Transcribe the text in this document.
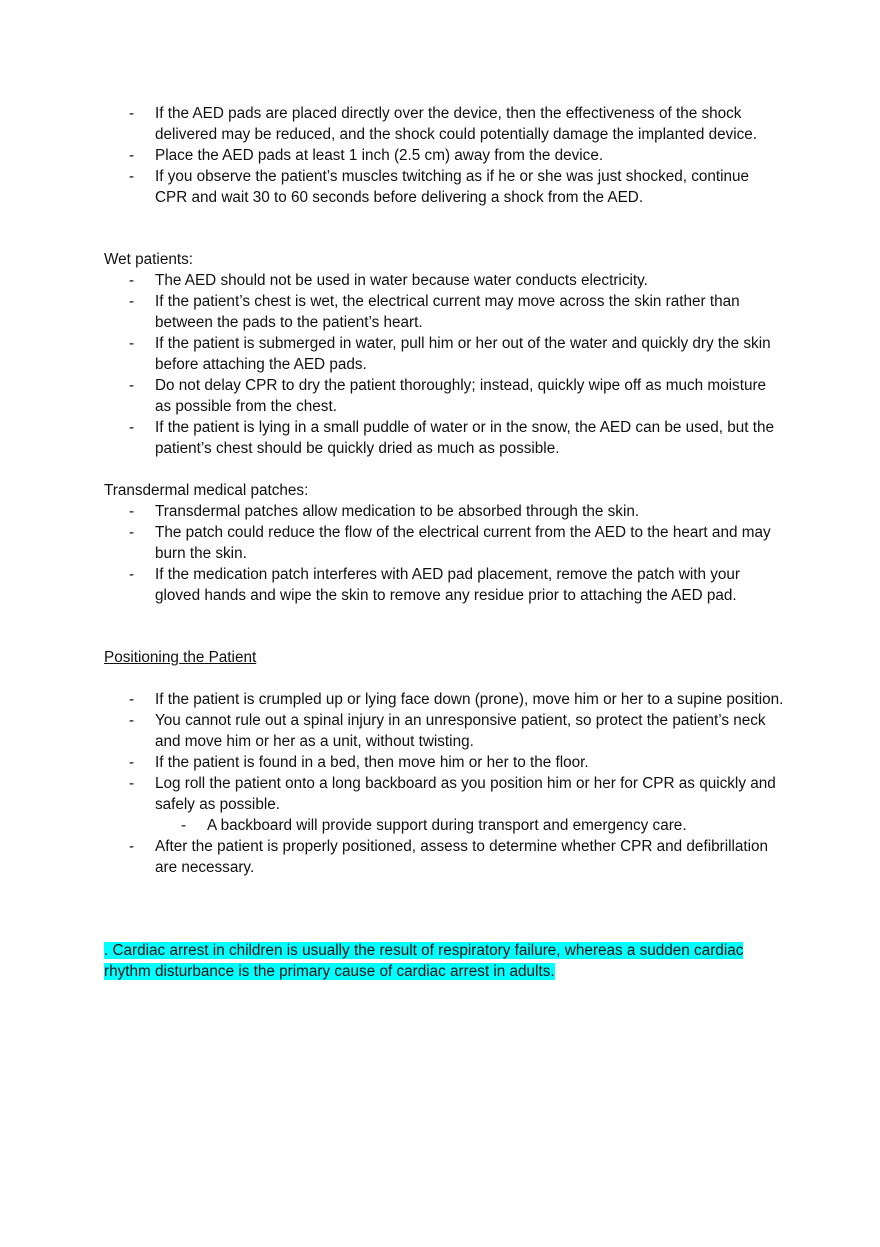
- If the AED pads are placed directly over the device, then the effectiveness of the shock delivered may be reduced, and the shock could potentially damage the implanted device.
- Place the AED pads at least 1 inch (2.5 cm) away from the device.
- If you observe the patient’s muscles twitching as if he or she was just shocked, continue CPR and wait 30 to 60 seconds before delivering a shock from the AED.

Wet patients:

- The AED should not be used in water because water conducts electricity.
- If the patient’s chest is wet, the electrical current may move across the skin rather than between the pads to the patient’s heart.
- If the patient is submerged in water, pull him or her out of the water and quickly dry the skin before attaching the AED pads.
- Do not delay CPR to dry the patient thoroughly; instead, quickly wipe off as much moisture as possible from the chest.
- If the patient is lying in a small puddle of water or in the snow, the AED can be used, but the patient’s chest should be quickly dried as much as possible.

Transdermal medical patches:

- Transdermal patches allow medication to be absorbed through the skin.
- The patch could reduce the flow of the electrical current from the AED to the heart and may burn the skin.
- If the medication patch interferes with AED pad placement, remove the patch with your gloved hands and wipe the skin to remove any residue prior to attaching the AED pad.

Positioning the Patient

- If the patient is crumpled up or lying face down (prone), move him or her to a supine position.
- You cannot rule out a spinal injury in an unresponsive patient, so protect the patient’s neck and move him or her as a unit, without twisting.
- If the patient is found in a bed, then move him or her to the floor.
- Log roll the patient onto a long backboard as you position him or her for CPR as quickly and safely as possible.
- A backboard will provide support during transport and emergency care.
- After the patient is properly positioned, assess to determine whether CPR and defibrillation are necessary.

. Cardiac arrest in children is usually the result of respiratory failure, whereas a sudden cardiac rhythm disturbance is the primary cause of cardiac arrest in adults.
